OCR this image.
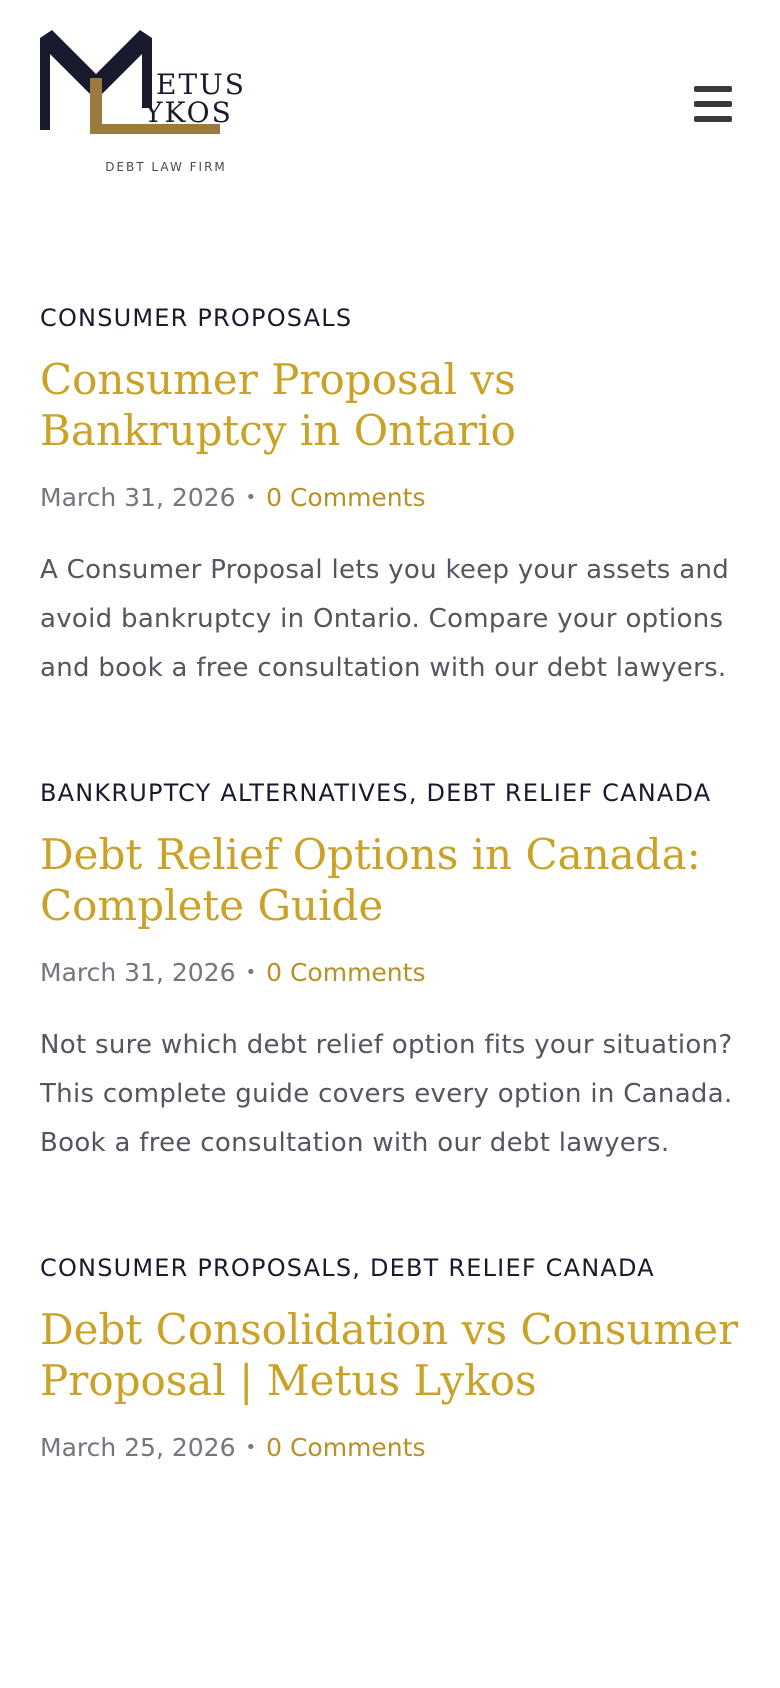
ETUS
YKOS
DEBT LAW FIRM

CONSUMER PROPOSALS

Consumer Proposal vs Bankruptcy in Ontario

March 31, 2026 • 0 Comments

A Consumer Proposal lets you keep your assets and avoid bankruptcy in Ontario. Compare your options and book a free consultation with our debt lawyers.

BANKRUPTCY ALTERNATIVES, DEBT RELIEF CANADA

Debt Relief Options in Canada: Complete Guide

March 31, 2026 • 0 Comments

Not sure which debt relief option fits your situation? This complete guide covers every option in Canada. Book a free consultation with our debt lawyers.

CONSUMER PROPOSALS, DEBT RELIEF CANADA

Debt Consolidation vs Consumer Proposal | Metus Lykos

March 25, 2026 • 0 Comments
